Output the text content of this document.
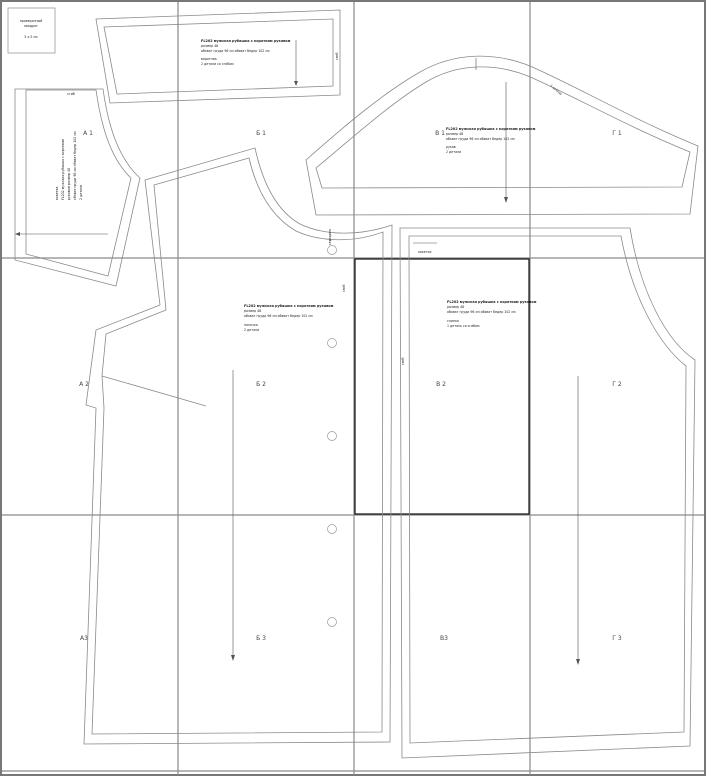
проверочный
квадрат
5 x 5 см
А 1	Б 1	В 1	Г 1
А 2	Б 2	В 2	Г 2
А3	Б 3	В3	Г 3
FL202 мужская рубашка с коротким рукавом
размер 48
обхват груди 96 см обхват бедер 102 см
воротник
2 детали со сгибом
сгиб
сгиб
кокетка FL202 мужская рубашка с коротким рукавом размер 48 обхват груди 96 см обхват бедер 102 см 2 детали
FL202 мужская рубашка с коротким рукавом
размер 48
обхват груди 96 см обхват бедер 102 см
рукав
2 детали
1 шлица
FL202 мужская рубашка с коротким рукавом
размер 48
обхват груди 96 см обхват бедер 102 см
полочка
2 детали
середина
сгиб
FL202 мужская рубашка с коротким рукавом
размер 48
обхват груди 96 см обхват бедер 102 см
спинка
1 деталь со сгибом
сгиб
кокетка
